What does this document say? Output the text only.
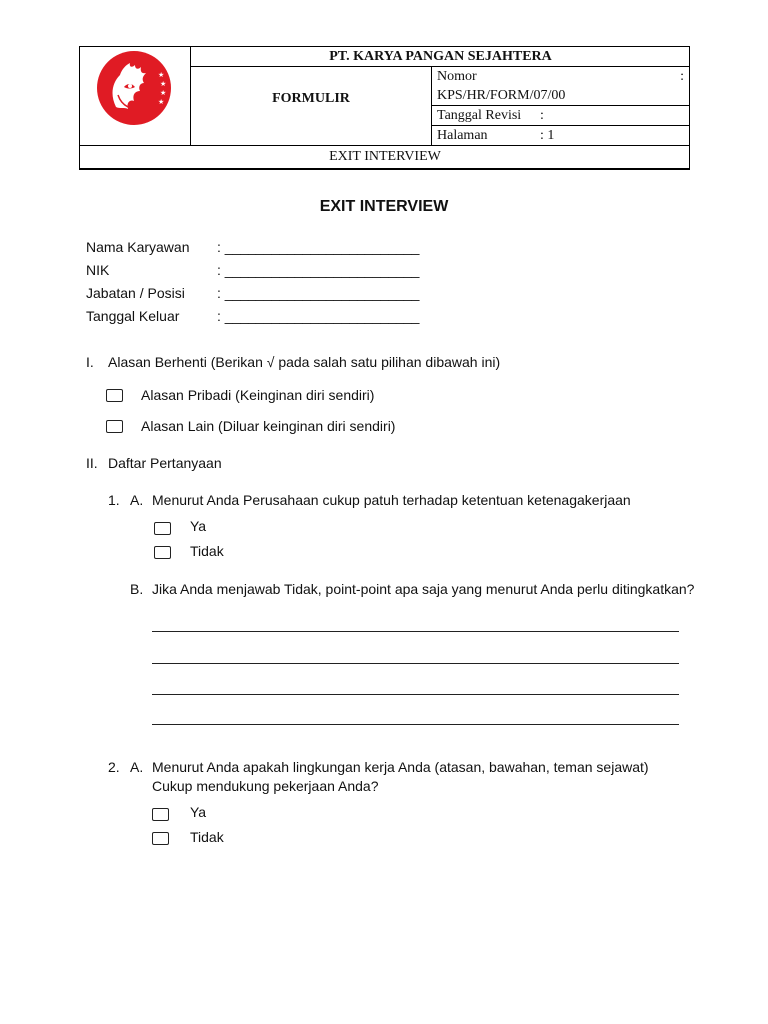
★
★
★
★
PT. KARYA PANGAN SEJAHTERA
FORMULIR
Nomor	:
KPS/HR/FORM/07/00
Tanggal Revisi :
Halaman	: 1
EXIT INTERVIEW
EXIT INTERVIEW
Nama Karyawan : _________________________
NIK	: _________________________
Jabatan / Posisi : _________________________
Tanggal Keluar	: _________________________
I. Alasan Berhenti (Berikan √ pada salah satu pilihan dibawah ini)
Alasan Pribadi (Keinginan diri sendiri)
Alasan Lain (Diluar keinginan diri sendiri)
II. Daftar Pertanyaan
1. A. Menurut Anda Perusahaan cukup patuh terhadap ketentuan ketenagakerjaan
Ya
Tidak
B. Jika Anda menjawab Tidak, point-point apa saja yang menurut Anda perlu ditingkatkan?
2. A. Menurut Anda apakah lingkungan kerja Anda (atasan, bawahan, teman sejawat)
Cukup mendukung pekerjaan Anda?
Ya
Tidak
